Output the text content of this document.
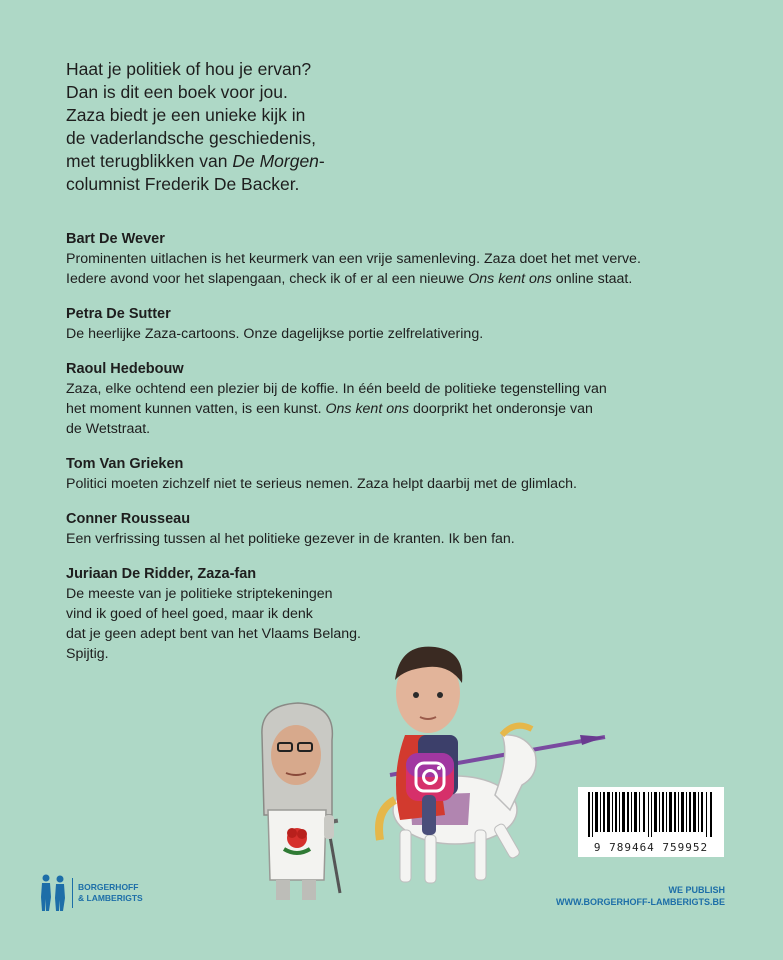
Haat je politiek of hou je ervan?
Dan is dit een boek voor jou.
Zaza biedt je een unieke kijk in
de vaderlandsche geschiedenis,
met terugblikken van De Morgen-
columnist Frederik De Backer.
Bart De Wever

Prominenten uitlachen is het keurmerk van een vrije samenleving. Zaza doet het met verve.
Iedere avond voor het slapengaan, check ik of er al een nieuwe Ons kent ons online staat.

Petra De Sutter

De heerlijke Zaza-cartoons. Onze dagelijkse portie zelfrelativering.

Raoul Hedebouw

Zaza, elke ochtend een plezier bij de koffie. In één beeld de politieke tegenstelling van
het moment kunnen vatten, is een kunst. Ons kent ons doorprikt het onderonsje van
de Wetstraat.

Tom Van Grieken

Politici moeten zichzelf niet te serieus nemen. Zaza helpt daarbij met de glimlach.

Conner Rousseau

Een verfrissing tussen al het politieke gezever in de kranten. Ik ben fan.

Juriaan De Ridder, Zaza-fan

De meeste van je politieke striptekeningen
vind ik goed of heel goed, maar ik denk
dat je geen adept bent van het Vlaams Belang.
Spijtig.

9 789464 759952
BORGERHOFF
& LAMBERIGTS
WE PUBLISH
WWW.BORGERHOFF-LAMBERIGTS.BE
